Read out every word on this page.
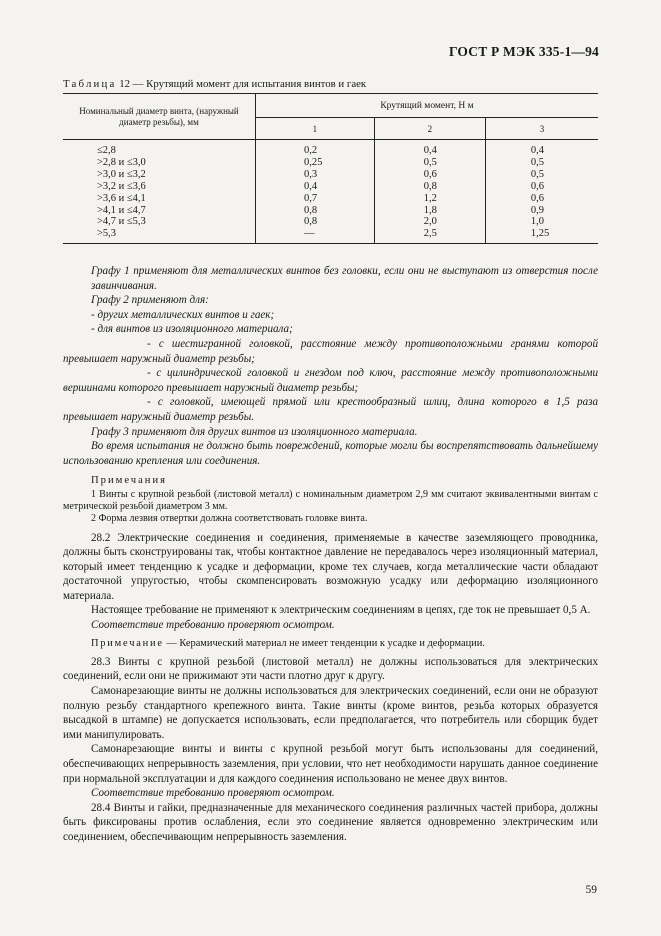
ГОСТ Р МЭК 335-1—94
Таблица 12 — Крутящий момент для испытания винтов и гаек
Номинальный диаметр винта, (наружный диаметр резьбы), мм	Крутящий момент, Н м		
	1	2	3
≤2,8	0,2	0,4	0,4
>2,8 и ≤3,0	0,25	0,5	0,5
>3,0 и ≤3,2	0,3	0,6	0,5
>3,2 и ≤3,6	0,4	0,8	0,6
>3,6 и ≤4,1	0,7	1,2	0,6
>4,1 и ≤4,7	0,8	1,8	0,9
>4,7 и ≤5,3	0,8	2,0	1,0
>5,3	—	2,5	1,25

Графу 1 применяют для металлических винтов без головки, если они не выступают из отверстия после завинчивания.

Графу 2 применяют для:

- других металлических винтов и гаек;

- для винтов из изоляционного материала;

- с шестигранной головкой, расстояние между противоположными гранями которой превышает наружный диаметр резьбы;

- с цилиндрической головкой и гнездом под ключ, расстояние между противоположными вершинами которого превышает наружный диаметр резьбы;

- с головкой, имеющей прямой или крестообразный шлиц, длина которого в 1,5 раза превышает наружный диаметр резьбы.

Графу 3 применяют для других винтов из изоляционного материала.

Во время испытания не должно быть повреждений, которые могли бы воспрепятствовать дальнейшему использованию крепления или соединения.

Примечания

1 Винты с крупной резьбой (листовой металл) с номинальным диаметром 2,9 мм считают эквивалентными винтам с метрической резьбой диаметром 3 мм.

2 Форма лезвия отвертки должна соответствовать головке винта.

28.2 Электрические соединения и соединения, применяемые в качестве заземляющего проводника, должны быть сконструированы так, чтобы контактное давление не передавалось через изоляционный материал, который имеет тенденцию к усадке и деформации, кроме тех случаев, когда металлические части обладают достаточной упругостью, чтобы скомпенсировать возможную усадку или деформацию изоляционного материала.

Настоящее требование не применяют к электрическим соединениям в цепях, где ток не превышает 0,5 А.

Соответствие требованию проверяют осмотром.

Примечание — Керамический материал не имеет тенденции к усадке и деформации.

28.3 Винты с крупной резьбой (листовой металл) не должны использоваться для электрических соединений, если они не прижимают эти части плотно друг к другу.

Самонарезающие винты не должны использоваться для электрических соединений, если они не образуют полную резьбу стандартного крепежного винта. Такие винты (кроме винтов, резьба которых образуется высадкой в штампе) не допускается использовать, если предполагается, что потребитель или сборщик будет ими манипулировать.

Самонарезающие винты и винты с крупной резьбой могут быть использованы для соединений, обеспечивающих непрерывность заземления, при условии, что нет необходимости нарушать данное соединение при нормальной эксплуатации и для каждого соединения использовано не менее двух винтов.

Соответствие требованию проверяют осмотром.

28.4 Винты и гайки, предназначенные для механического соединения различных частей прибора, должны быть фиксированы против ослабления, если это соединение является одновременно электрическим или соединением, обеспечивающим непрерывность заземления.

59
